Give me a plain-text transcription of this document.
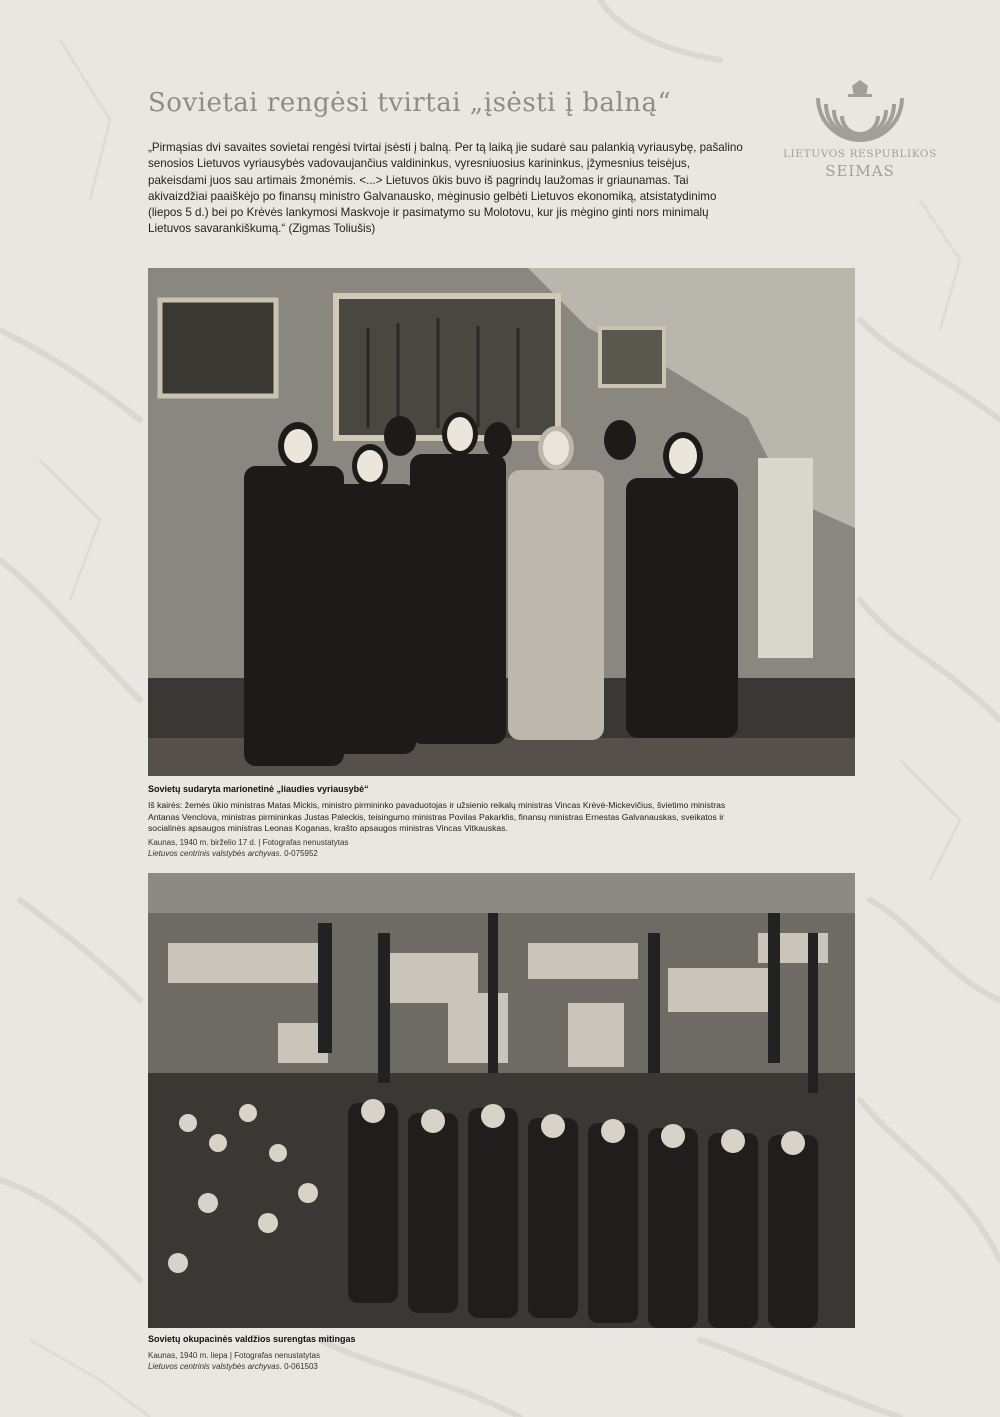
Sovietai rengėsi tvirtai „įsėsti į balną“

„Pirmąsias dvi savaites sovietai rengėsi tvirtai įsėsti į balną. Per tą laiką jie sudarė sau palankią vyriausybę, pašalino senosios Lietuvos vyriausybės vadovaujančius valdininkus, vyresniuosius karininkus, įžymesnius teisėjus, pakeisdami juos sau artimais žmonėmis. <...> Lietuvos ūkis buvo iš pagrindų laužomas ir griaunamas. Tai akivaizdžiai paaiškėjo po finansų ministro Galvanausko, mėginusio gelbėti Lietuvos ekonomiką, atsistatydinimo (liepos 5 d.) bei po Krėvės lankymosi Maskvoje ir pasimatymo su Molotovu, kur jis mėgino ginti nors minimalų Lietuvos savarankiškumą.“ (Zigmas Toliušis)

LIETUVOS RESPUBLIKOS
SEIMAS

Sovietų sudaryta marionetinė „liaudies vyriausybė“

Iš kairės: žemės ūkio ministras Matas Mickis, ministro pirmininko pavaduotojas ir užsienio reikalų ministras Vincas Krėvė-Mickevičius, švietimo ministras Antanas Venclova, ministras pirmininkas Justas Paleckis, teisingumo ministras Povilas Pakarklis, finansų ministras Ernestas Galvanauskas, sveikatos ir socialinės apsaugos ministras Leonas Koganas, krašto apsaugos ministras Vincas Vitkauskas.

Kaunas, 1940 m. birželio 17 d. | Fotografas nenustatytas

Lietuvos centrinis valstybės archyvas. 0-075952

Sovietų okupacinės valdžios surengtas mitingas

Kaunas, 1940 m. liepa | Fotografas nenustatytas

Lietuvos centrinis valstybės archyvas. 0-061503
